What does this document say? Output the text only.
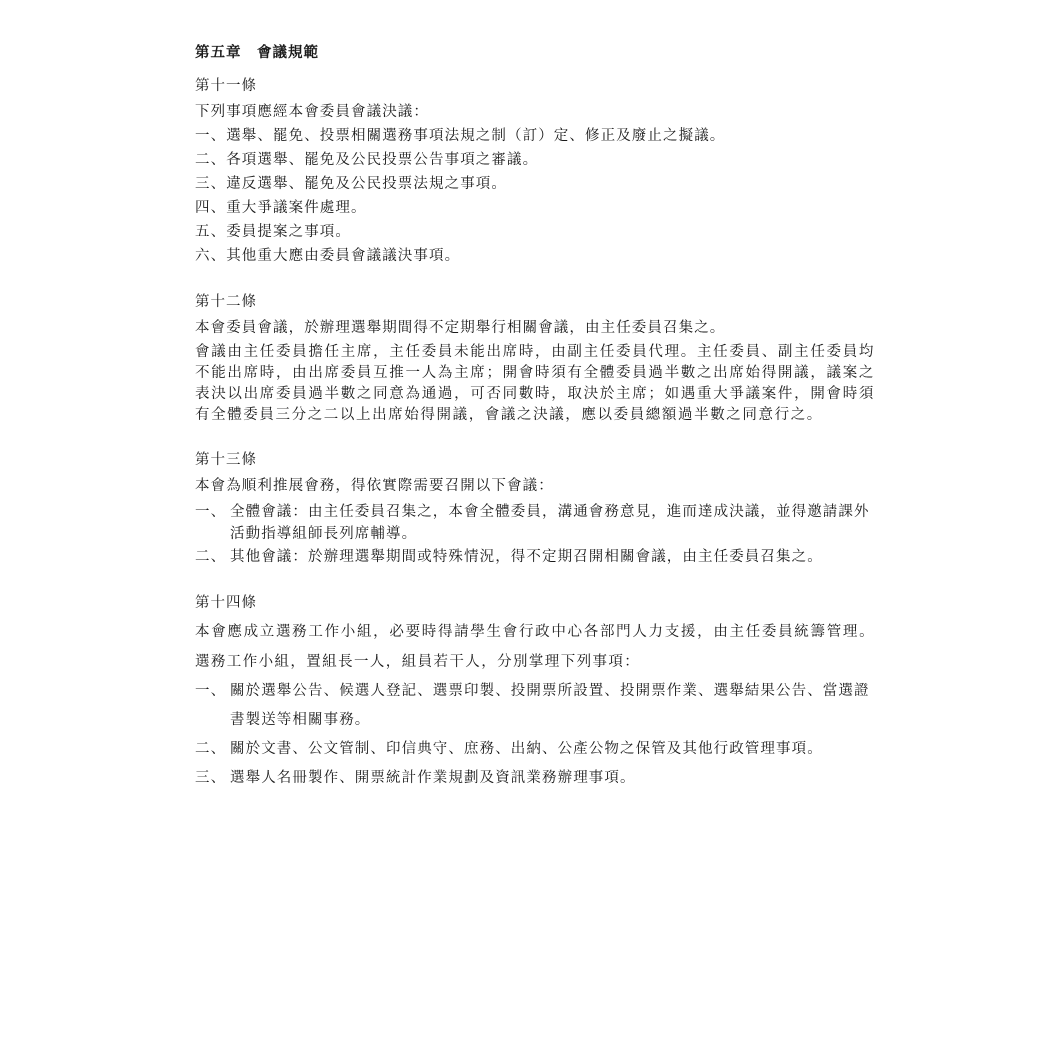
第五章　會議規範

第十一條

下列事項應經本會委員會議決議：

一、選舉、罷免、投票相關選務事項法規之制（訂）定、修正及廢止之擬議。

二、各項選舉、罷免及公民投票公告事項之審議。

三、違反選舉、罷免及公民投票法規之事項。

四、重大爭議案件處理。

五、委員提案之事項。

六、其他重大應由委員會議議決事項。

第十二條

本會委員會議，於辦理選舉期間得不定期舉行相關會議，由主任委員召集之。

會議由主任委員擔任主席，主任委員未能出席時，由副主任委員代理。主任委員、副主任委員均不能出席時，由出席委員互推一人為主席；開會時須有全體委員過半數之出席始得開議，議案之表決以出席委員過半數之同意為通過，可否同數時，取決於主席；如遇重大爭議案件，開會時須有全體委員三分之二以上出席始得開議，會議之決議，應以委員總額過半數之同意行之。

第十三條

本會為順利推展會務，得依實際需要召開以下會議：

一、 全體會議：由主任委員召集之，本會全體委員，溝通會務意見，進而達成決議，並得邀請課外活動指導組師長列席輔導。
二、 其他會議：於辦理選舉期間或特殊情況，得不定期召開相關會議，由主任委員召集之。

第十四條

本會應成立選務工作小組，必要時得請學生會行政中心各部門人力支援，由主任委員統籌管理。選務工作小組，置組長一人，組員若干人，分別掌理下列事項：

一、 關於選舉公告、候選人登記、選票印製、投開票所設置、投開票作業、選舉結果公告、當選證書製送等相關事務。
二、 關於文書、公文管制、印信典守、庶務、出納、公產公物之保管及其他行政管理事項。
三、 選舉人名冊製作、開票統計作業規劃及資訊業務辦理事項。
